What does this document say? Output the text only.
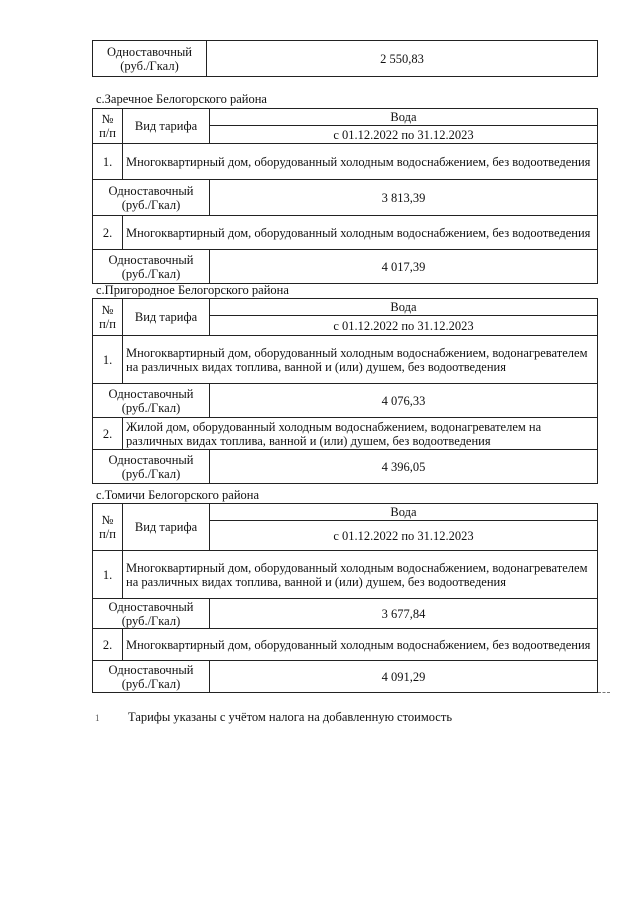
Одноставочный
(руб./Гкал)	2 550,83
с.Заречное Белогорского района
№
п/п	Вид тарифа	Вода
		с 01.12.2022 по 31.12.2023
1.	Многоквартирный дом, оборудованный холодным водоснабжением, без водоотведения	
Одноставочный
(руб./Гкал)		3 813,39
2.	Многоквартирный дом, оборудованный холодным водоснабжением, без водоотведения	
Одноставочный
(руб./Гкал)		4 017,39
с.Пригородное Белогорского района
№
п/п	Вид тарифа	Вода
		с 01.12.2022 по 31.12.2023
1.	Многоквартирный дом, оборудованный холодным водоснабжением, водонагревателем на различных видах топлива, ванной и (или) душем, без водоотведения	
Одноставочный
(руб./Гкал)		4 076,33
2.	Жилой дом, оборудованный холодным водоснабжением, водонагревателем на различных видах топлива, ванной и (или) душем, без водоотведения	
Одноставочный
(руб./Гкал)		4 396,05
с.Томичи Белогорского района
№
п/п	Вид тарифа	Вода
		с 01.12.2022 по 31.12.2023
1.	Многоквартирный дом, оборудованный холодным водоснабжением, водонагревателем на различных видах топлива, ванной и (или) душем, без водоотведения	
Одноставочный
(руб./Гкал)		3 677,84
2.	Многоквартирный дом, оборудованный холодным водоснабжением, без водоотведения	
Одноставочный
(руб./Гкал)		4 091,29
1 Тарифы указаны с учётом налога на добавленную стоимость
